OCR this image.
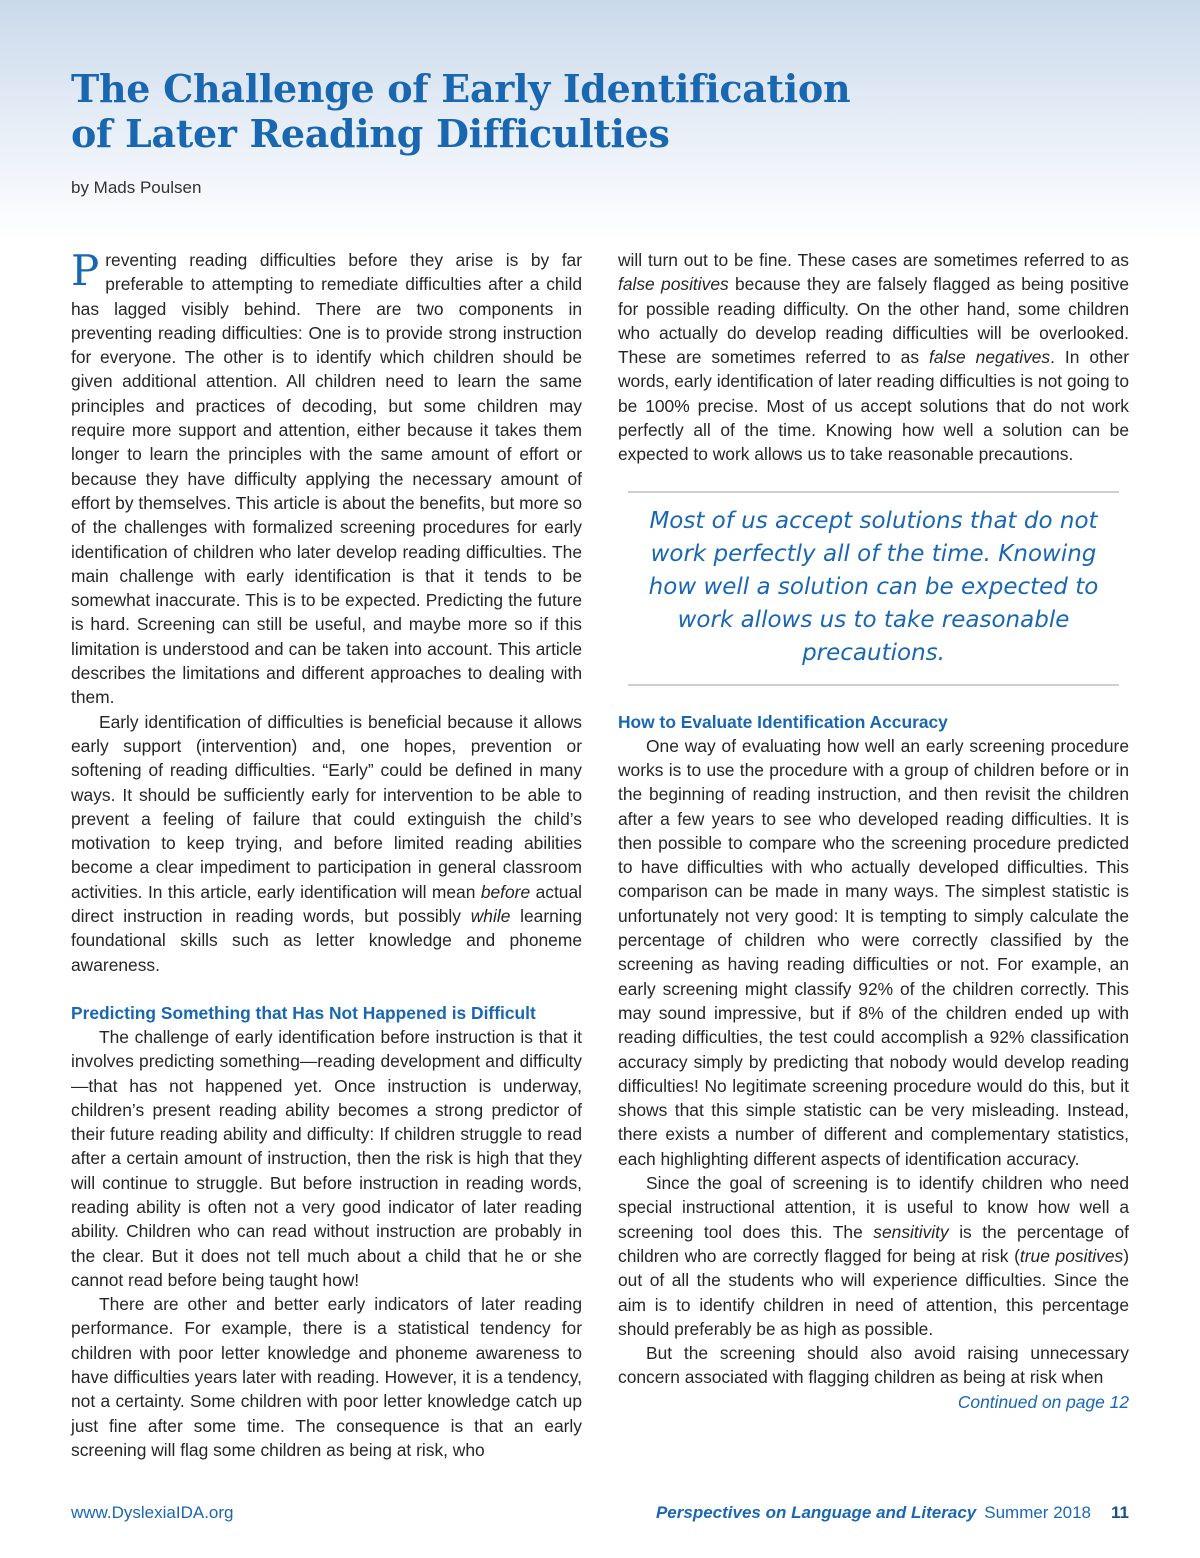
The Challenge of Early Identification
of Later Reading Difficulties
by Mads Poulsen

Preventing reading difficulties before they arise is by far preferable to attempting to remediate difficulties after a child has lagged visibly behind. There are two components in preventing reading difficulties: One is to provide strong instruction for everyone. The other is to identify which children should be given additional attention. All children need to learn the same principles and practices of decoding, but some children may require more support and attention, either because it takes them longer to learn the principles with the same amount of effort or because they have difficulty applying the necessary amount of effort by themselves. This article is about the benefits, but more so of the challenges with formalized screening procedures for early identification of children who later develop reading difficulties. The main challenge with early identification is that it tends to be somewhat inaccurate. This is to be expected. Predicting the future is hard. Screening can still be useful, and maybe more so if this limitation is understood and can be taken into account. This article describes the limitations and different approaches to dealing with them.

Early identification of difficulties is beneficial because it allows early support (intervention) and, one hopes, prevention or softening of reading difficulties. “Early” could be defined in many ways. It should be sufficiently early for intervention to be able to prevent a feeling of failure that could extinguish the child’s motivation to keep trying, and before limited reading abilities become a clear impediment to participation in general classroom activities. In this article, early identification will mean before actual direct instruction in reading words, but possibly while learning foundational skills such as letter knowledge and phoneme awareness.

Predicting Something that Has Not Happened is Difficult

The challenge of early identification before instruction is that it involves predicting something—reading development and difficulty—that has not happened yet. Once instruction is underway, children’s present reading ability becomes a strong predictor of their future reading ability and difficulty: If children struggle to read after a certain amount of instruction, then the risk is high that they will continue to struggle. But before instruction in reading words, reading ability is often not a very good indicator of later reading ability. Children who can read without instruction are probably in the clear. But it does not tell much about a child that he or she cannot read before being taught how!

There are other and better early indicators of later reading performance. For example, there is a statistical tendency for children with poor letter knowledge and phoneme awareness to have difficulties years later with reading. However, it is a tendency, not a certainty. Some children with poor letter knowledge catch up just fine after some time. The consequence is that an early screening will flag some children as being at risk, who

will turn out to be fine. These cases are sometimes referred to as false positives because they are falsely flagged as being positive for possible reading difficulty. On the other hand, some children who actually do develop reading difficulties will be overlooked. These are sometimes referred to as false negatives. In other words, early identification of later reading difficulties is not going to be 100% precise. Most of us accept solutions that do not work perfectly all of the time. Knowing how well a solution can be expected to work allows us to take reasonable precautions.

Most of us accept solutions that do not work perfectly all of the time. Knowing how well a solution can be expected to work allows us to take reasonable precautions.
How to Evaluate Identification Accuracy

One way of evaluating how well an early screening procedure works is to use the procedure with a group of children before or in the beginning of reading instruction, and then revisit the children after a few years to see who developed reading difficulties. It is then possible to compare who the screening procedure predicted to have difficulties with who actually developed difficulties. This comparison can be made in many ways. The simplest statistic is unfortunately not very good: It is tempting to simply calculate the percentage of children who were correctly classified by the screening as having reading difficulties or not. For example, an early screening might classify 92% of the children correctly. This may sound impressive, but if 8% of the children ended up with reading difficulties, the test could accomplish a 92% classification accuracy simply by predicting that nobody would develop reading difficulties! No legitimate screening procedure would do this, but it shows that this simple statistic can be very misleading. Instead, there exists a number of different and complementary statistics, each highlighting different aspects of identification accuracy.

Since the goal of screening is to identify children who need special instructional attention, it is useful to know how well a screening tool does this. The sensitivity is the percentage of children who are correctly flagged for being at risk (true positives) out of all the students who will experience difficulties. Since the aim is to identify children in need of attention, this percentage should preferably be as high as possible.

But the screening should also avoid raising unnecessary concern associated with flagging children as being at risk when

Continued on page 12
www.DyslexiaIDA.org	Perspectives on Language and Literacy Summer 2018 11
